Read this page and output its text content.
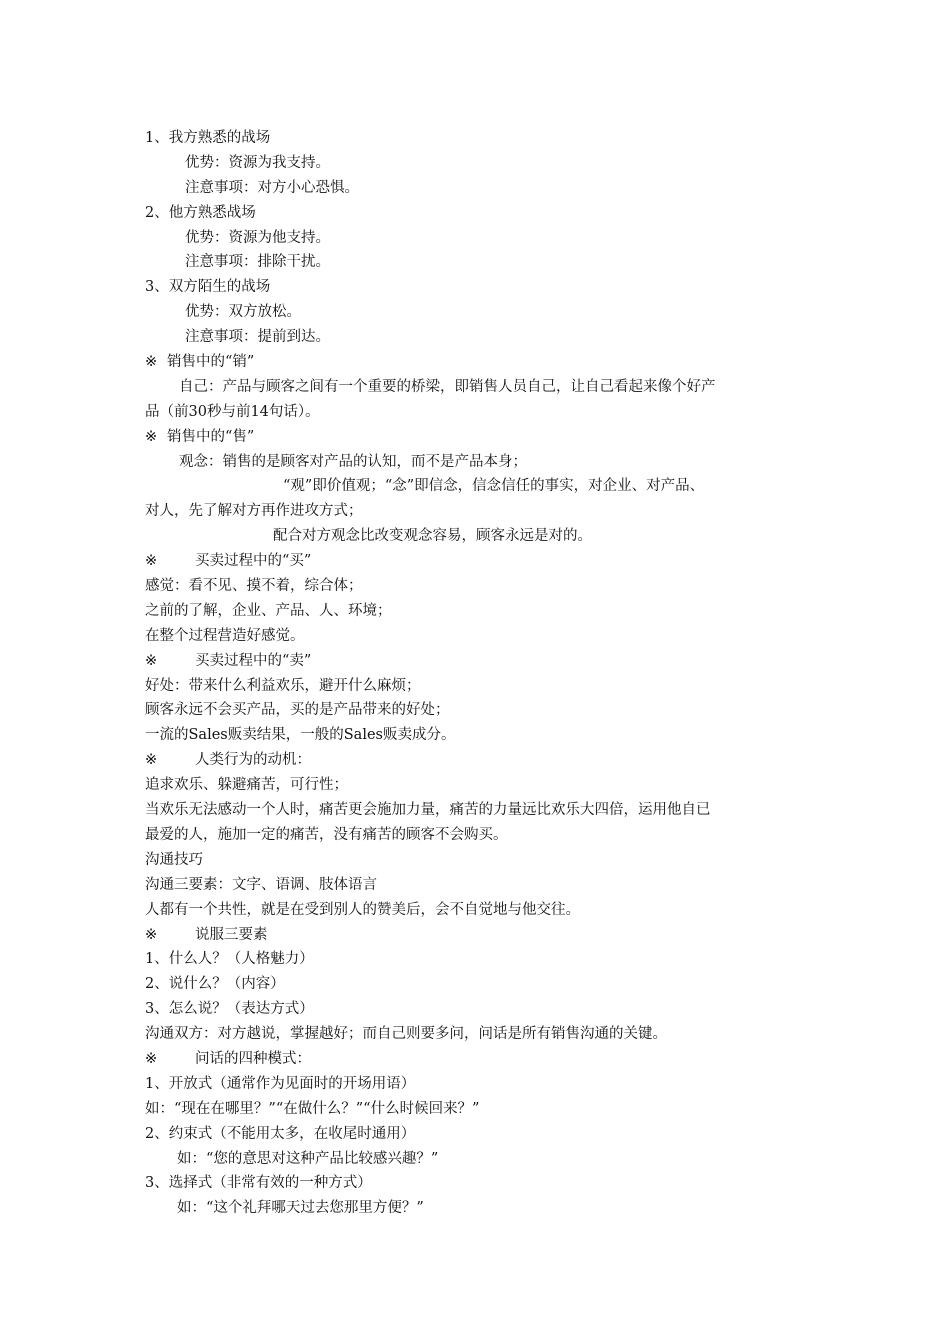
1、我方熟悉的战场
优势：资源为我支持。
注意事项：对方小心恐惧。
2、他方熟悉战场
优势：资源为他支持。
注意事项：排除干扰。
3、双方陌生的战场
优势：双方放松。
注意事项：提前到达。
※ 销售中的“销”
自己：产品与顾客之间有一个重要的桥梁，即销售人员自己，让自己看起来像个好产
品（前30秒与前14句话）。
※ 销售中的“售”
观念：销售的是顾客对产品的认知，而不是产品本身；
“观”即价值观；“念”即信念，信念信任的事实，对企业、对产品、
对人，先了解对方再作进攻方式；
配合对方观念比改变观念容易，顾客永远是对的。
※	买卖过程中的“买”
感觉：看不见、摸不着，综合体；
之前的了解，企业、产品、人、环境；
在整个过程营造好感觉。
※	买卖过程中的“卖”
好处：带来什么利益欢乐，避开什么麻烦；
顾客永远不会买产品，买的是产品带来的好处；
一流的Sales贩卖结果，一般的Sales贩卖成分。
※	人类行为的动机：
追求欢乐、躲避痛苦，可行性；
当欢乐无法感动一个人时，痛苦更会施加力量，痛苦的力量远比欢乐大四倍，运用他自已
最爱的人，施加一定的痛苦，没有痛苦的顾客不会购买。
沟通技巧
沟通三要素：文字、语调、肢体语言
人都有一个共性，就是在受到别人的赞美后，会不自觉地与他交往。
※	说服三要素
1、什么人？（人格魅力）
2、说什么？（内容）
3、怎么说？（表达方式）
沟通双方：对方越说，掌握越好；而自己则要多问，问话是所有销售沟通的关键。
※	问话的四种模式：
1、开放式（通常作为见面时的开场用语）
如：“现在在哪里？”“在做什么？”“什么时候回来？”
2、约束式（不能用太多，在收尾时通用）
如：“您的意思对这种产品比较感兴趣？”
3、选择式（非常有效的一种方式）
如：“这个礼拜哪天过去您那里方便？”
